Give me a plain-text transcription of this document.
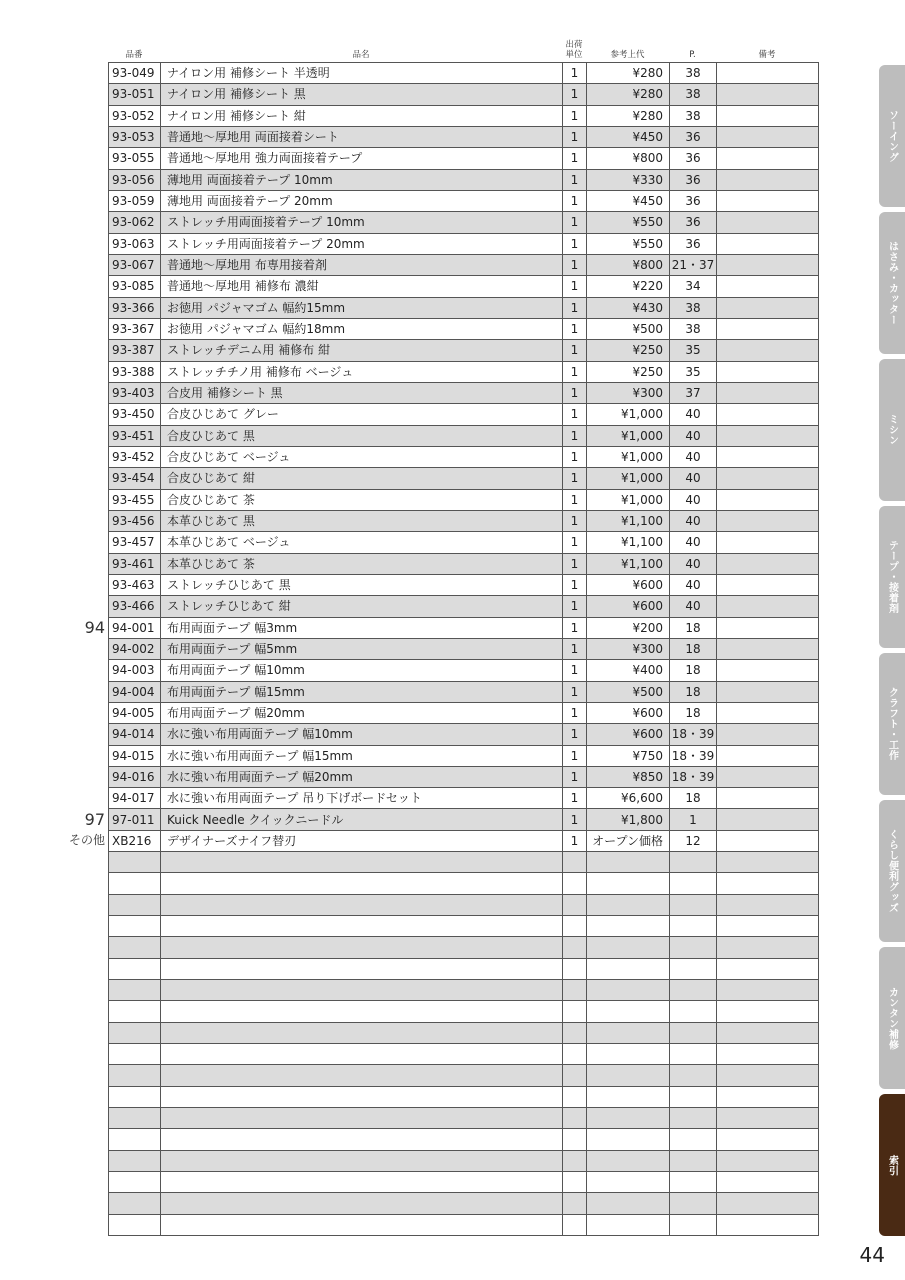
品番	品名
出荷
単位	参考上代	P.	備考
93-049	ナイロン用 補修シート 半透明	1	¥280	38	
93-051	ナイロン用 補修シート 黒	1	¥280	38	
93-052	ナイロン用 補修シート 紺	1	¥280	38	
93-053	普通地～厚地用 両面接着シート	1	¥450	36	
93-055	普通地～厚地用 強力両面接着テープ	1	¥800	36	
93-056	薄地用 両面接着テープ 10mm	1	¥330	36	
93-059	薄地用 両面接着テープ 20mm	1	¥450	36	
93-062	ストレッチ用両面接着テープ 10mm	1	¥550	36	
93-063	ストレッチ用両面接着テープ 20mm	1	¥550	36	
93-067	普通地～厚地用 布専用接着剤	1	¥800	21・37	
93-085	普通地～厚地用 補修布 濃紺	1	¥220	34	
93-366	お徳用 パジャマゴム 幅約15mm	1	¥430	38	
93-367	お徳用 パジャマゴム 幅約18mm	1	¥500	38	
93-387	ストレッチデニム用 補修布 紺	1	¥250	35	
93-388	ストレッチチノ用 補修布 ベージュ	1	¥250	35	
93-403	合皮用 補修シート 黒	1	¥300	37	
93-450	合皮ひじあて グレー	1	¥1,000	40	
93-451	合皮ひじあて 黒	1	¥1,000	40	
93-452	合皮ひじあて ベージュ	1	¥1,000	40	
93-454	合皮ひじあて 紺	1	¥1,000	40	
93-455	合皮ひじあて 茶	1	¥1,000	40	
93-456	本革ひじあて 黒	1	¥1,100	40	
93-457	本革ひじあて ベージュ	1	¥1,100	40	
93-461	本革ひじあて 茶	1	¥1,100	40	
93-463	ストレッチひじあて 黒	1	¥600	40	
93-466	ストレッチひじあて 紺	1	¥600	40	
94-001	布用両面テープ 幅3mm	1	¥200	18	
94-002	布用両面テープ 幅5mm	1	¥300	18	
94-003	布用両面テープ 幅10mm	1	¥400	18	
94-004	布用両面テープ 幅15mm	1	¥500	18	
94-005	布用両面テープ 幅20mm	1	¥600	18	
94-014	水に強い布用両面テープ 幅10mm	1	¥600	18・39	
94-015	水に強い布用両面テープ 幅15mm	1	¥750	18・39	
94-016	水に強い布用両面テープ 幅20mm	1	¥850	18・39	
94-017	水に強い布用両面テープ 吊り下げボードセット	1	¥6,600	18	
97-011	Kuick Needle クイックニードル	1	¥1,800	1	
XB216	デザイナーズナイフ替刃	1	オープン価格	12	

94
97
その他
ソーイング
はさみ・カッター
ミシン
テープ・接着剤
クラフト・工作
くらし便利グッズ
カンタン補修
索引
44
